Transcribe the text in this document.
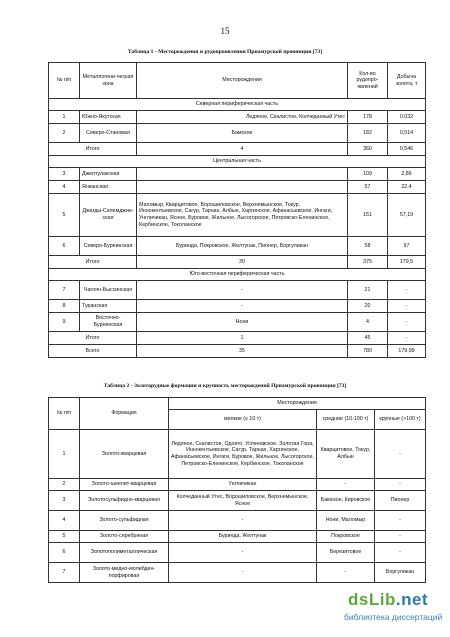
15
Таблица 1 - Месторождения и рудопроявления Приамурской провинции [73]
№ п/п	Металлогени-ческая зона	Месторождения	Кол-во рудопро-явлений	Добыча золота, т
Северная периферическая часть				
1	Южно-Якутская	Ледяное, Скалистое, Колчеданный Утес	178	0,032
2	Северо-Становая	Бамское	182	0,514
Итого		4	360	0,546
Центральная часть				
3	Джелтулакская		109	2,86
4	Янканская		57	22,4
5	Джагды-Селемджин-ская	Маломыр, Кварцитовое, Ворошиловское, Верхнемынское, Токур, Иннокентьевское, Сагур, Тарнах, Албын, Харгинское, Афанасьевское, Ингаги, Унгличикан, Ясное, Буровое, Жильное, Лысогорское, Петровско-Еленинское, Кербинское, Токоланское	151	57,19
6	Северо-Буреинская	Буринда, Покровское, Желтунак, Пионер, Боргуликан	58	97
Итого		30	375	179,5
Юго-восточная периферическая часть				
7	Чагоян-Быссинская	-	21	-
8	Туранская	-	20	-
9	Восточно-Буреинская	Нони	4	-
Итого		1	45	-
Всего		35	780	179,99
Таблица 2 - Золоторудные формации и крупность месторождений Приамурской провинции [73]
№ п/п	Формация	Месторождения		
		мелкие (≤ 10 т)	средние (10-100 т)	крупные (>100 т)
1	Золото-кварцевая	Ледяное, Скалистое, Одолго, Успеновское, Золотая Гора, Иннокентьевское, Сагур, Тарнах, Харгинское, Афанасьевское, Ингаги, Буровое, Жильное, Лысогорское, Петровско-Еленинское, Кербинское, Токоланское	Кварцитовое, Токур, Албын	-
2	Золото-шеелит-кварцевая	Унгличикан	-	-
3	Золотосульфидно-кварцевая	Колчеданный Утес, Ворошиловское, Верхнемынское, Ясное	Бамское, Кировское	Пионер
4	Золото-сульфидная	-	Нони, Маломыр	-
5	Золото-серебряная	Буринда, Желтунак	Покровское	-
6	Золотополиметаллическая	-	Березитовое	-
7	Золото-медно-молибден-порфировая	-	-	Боргуликан
dsLib.net
библиотека диссертаций
